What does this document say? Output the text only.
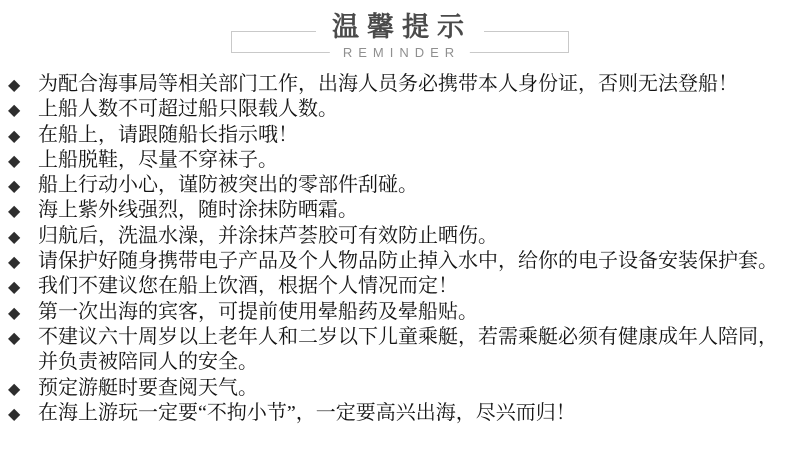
温馨提示
REMINDER
◆ 为配合海事局等相关部门工作，出海人员务必携带本人身份证，否则无法登船！
◆ 上船人数不可超过船只限载人数。
◆ 在船上，请跟随船长指示哦！
◆ 上船脱鞋，尽量不穿袜子。
◆ 船上行动小心，谨防被突出的零部件刮碰。
◆ 海上紫外线强烈，随时涂抹防晒霜。
◆ 归航后，洗温水澡，并涂抹芦荟胶可有效防止晒伤。
◆ 请保护好随身携带电子产品及个人物品防止掉入水中，给你的电子设备安装保护套。
◆ 我们不建议您在船上饮酒，根据个人情况而定！
◆ 第一次出海的宾客，可提前使用晕船药及晕船贴。
◆ 不建议六十周岁以上老年人和二岁以下儿童乘艇，若需乘艇必须有健康成年人陪同，并负责被陪同人的安全。
◆ 预定游艇时要查阅天气。
◆ 在海上游玩一定要“不拘小节”，一定要高兴出海，尽兴而归！
